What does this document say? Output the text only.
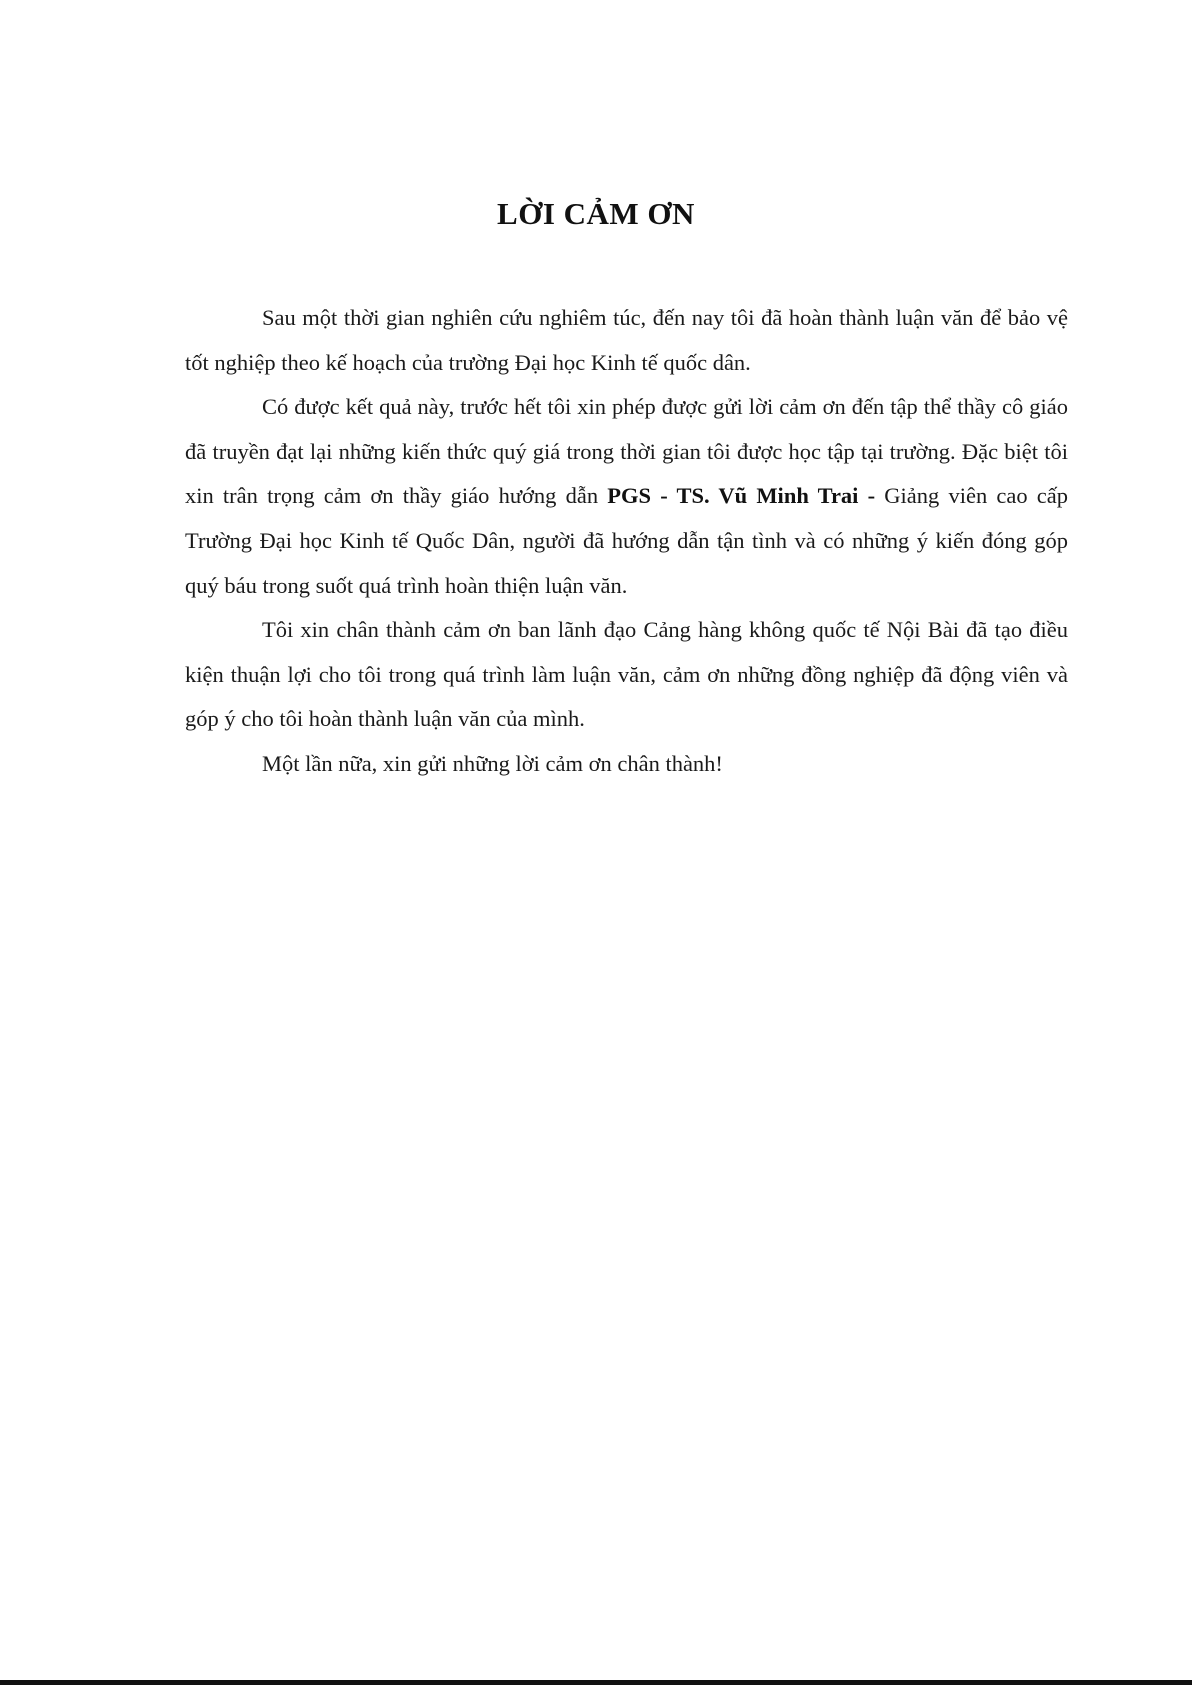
LỜI CẢM ƠN

Sau một thời gian nghiên cứu nghiêm túc, đến nay tôi đã hoàn thành luận văn để bảo vệ tốt nghiệp theo kế hoạch của trường Đại học Kinh tế quốc dân.

Có được kết quả này, trước hết tôi xin phép được gửi lời cảm ơn đến tập thể thầy cô giáo đã truyền đạt lại những kiến thức quý giá trong thời gian tôi được học tập tại trường. Đặc biệt tôi xin trân trọng cảm ơn thầy giáo hướng dẫn PGS - TS. Vũ Minh Trai - Giảng viên cao cấp Trường Đại học Kinh tế Quốc Dân, người đã hướng dẫn tận tình và có những ý kiến đóng góp quý báu trong suốt quá trình hoàn thiện luận văn.

Tôi xin chân thành cảm ơn ban lãnh đạo Cảng hàng không quốc tế Nội Bài đã tạo điều kiện thuận lợi cho tôi trong quá trình làm luận văn, cảm ơn những đồng nghiệp đã động viên và góp ý cho tôi hoàn thành luận văn của mình.

Một lần nữa, xin gửi những lời cảm ơn chân thành!
